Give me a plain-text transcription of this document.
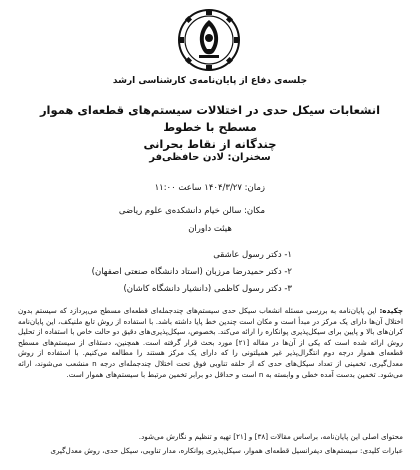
جلسه‌ی دفاع از پایان‌نامه‌ی کارشناسی ارشد
انشعابات سیکل حدی در اختلالات سیستم‌های قطعه‌ای هموار مسطح با خطوط
چندگانه از نقاط بحرانی
سخنران: لادن حافظی‌فر
زمان: ۱۴۰۴/۳/۲۷ ساعت ۱۱:۰۰
مکان: سالن خیام دانشکده‌ی علوم ریاضی
هیئت داوران
۱- دکتر رسول عاشقی
۲- دکتر حمیدرضا مرزبان (استاد دانشگاه صنعتی اصفهان)
۳- دکتر رسول کاظمی (دانشیار دانشگاه کاشان)
چکیده: این پایان‌نامه به بررسی مسئله انشعاب سیکل حدی سیستم‌های چندجمله‌ای قطعه‌ای مسطح می‌پردازد که سیستم بدون اختلال آن‌ها دارای یک مرکز در مبدأ است و مکان است چندین خط پایا داشته باشد. با استفاده از روش تابع ملنیکف، این پایان‌نامه کران‌های بالا و پایین برای سیکل‌پذیری پوانکاره را ارائه می‌کند. بخصوص، سیکل‌پذیری‌های دقیق دو حالت خاص با استفاده از تحلیل روش ارائه شده است که یکی از آن‌ها در مقاله [۲۱] مورد بحث قرار گرفته است. همچنین، دستهٔ‌ای از سیستم‌های مسطح قطعه‌ای هموار درجه دوم انتگرال‌پذیر غیر همیلتونی را که دارای یک مرکز هستند را مطالعه می‌کنیم. با استفاده از روش معدل‌گیری، تخمینی از تعداد سیکل‌های حدی که از حلقه تناوبی فوق تحت اختلال چندجمله‌ای درجه n منشعب می‌شوند، ارائه می‌شود. تخمین بدست آمده خطی و وابسته به n است و حداقل دو برابر تخمین مرتبط با سیستم‌های هموار است.
محتوای اصلی این پایان‌نامه، براساس مقالات [۳۸] و [۲۱] تهیه و تنظیم و نگارش می‌شود.
عبارات کلیدی: سیستم‌های دیفرانسیل قطعه‌ای هموار، سیکل‌پذیری پوانکاره، مدار تناوبی، سیکل حدی، روش معدل‌گیری
